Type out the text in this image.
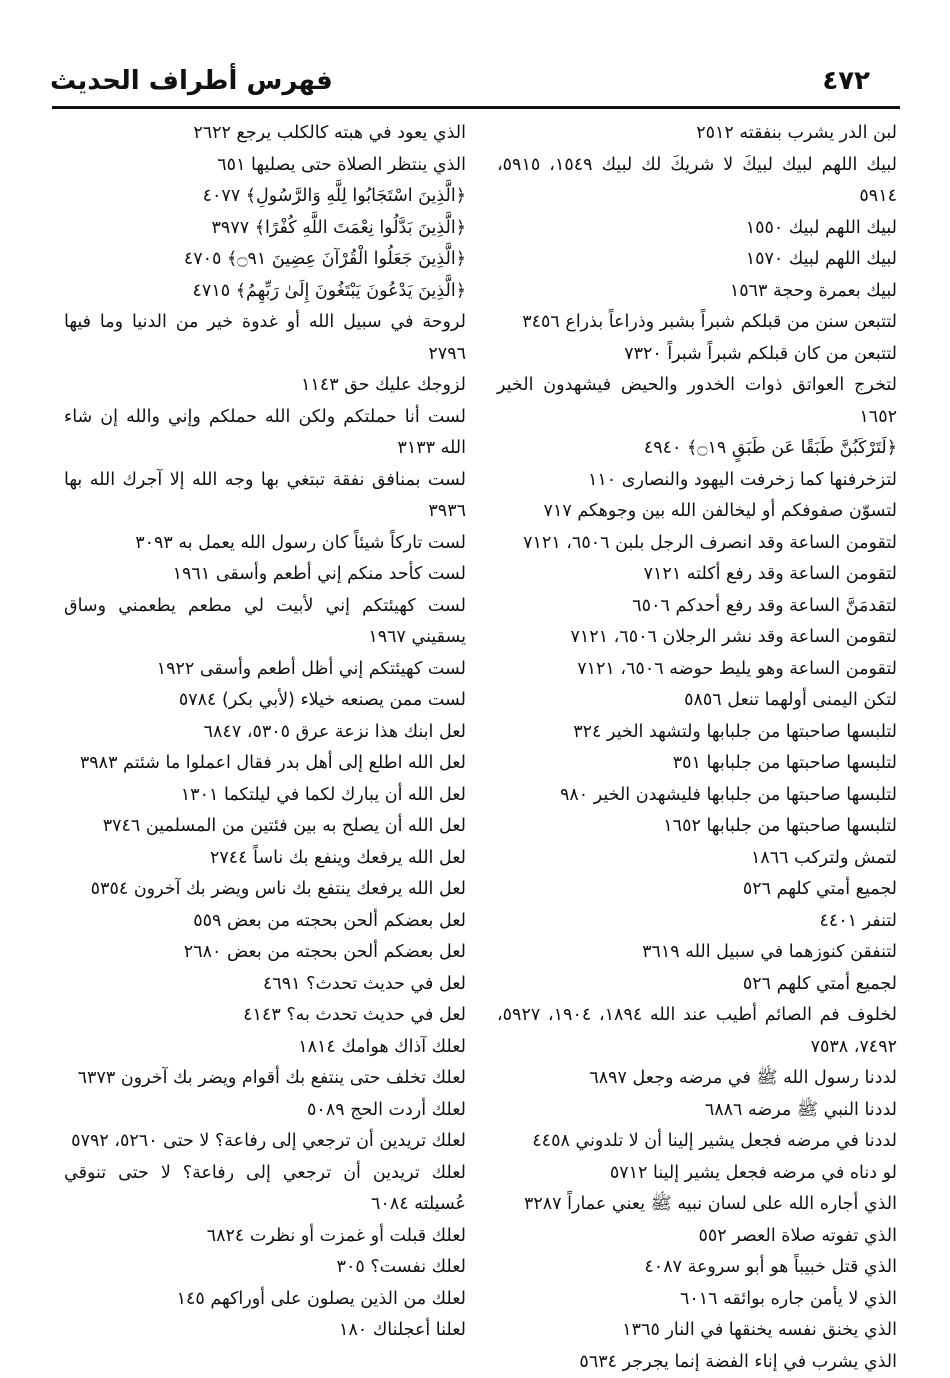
٤٧٢
فهرس أطراف الحديث
لبن الدر يشرب بنفقته ٢٥١٢
لبيك اللهم لبيك لبيكَ لا شريكَ لك لبيك ١٥٤٩، ٥٩١٥، ٥٩١٤
لبيك اللهم لبيك ١٥٥٠
لبيك اللهم لبيك ١٥٧٠
لبيك بعمرة وحجة ١٥٦٣
لتتبعن سنن من قبلكم شبراً بشبر وذراعاً بذراع ٣٤٥٦
لتتبعن من كان قبلكم شبراً شبراً ٧٣٢٠
لتخرج العواتق ذوات الخدور والحيض فيشهدون الخير ١٦٥٢
﴿لَتَرْكَبُنَّ طَبَقًا عَن طَبَقٍ ۝١٩﴾ ٤٩٤٠
لتزخرفنها كما زخرفت اليهود والنصارى ١١٠
لتسوّن صفوفكم أو ليخالفن الله بين وجوهكم ٧١٧
لتقومن الساعة وقد انصرف الرجل بلبن ٦٥٠٦، ٧١٢١
لتقومن الساعة وقد رفع أكلته ٧١٢١
لتقدمَنَّ الساعة وقد رفع أحدكم ٦٥٠٦
لتقومن الساعة وقد نشر الرجلان ٦٥٠٦، ٧١٢١
لتقومن الساعة وهو يليط حوضه ٦٥٠٦، ٧١٢١
لتكن اليمنى أولهما تنعل ٥٨٥٦
لتلبسها صاحبتها من جلبابها ولتشهد الخير ٣٢٤
لتلبسها صاحبتها من جلبابها ٣٥١
لتلبسها صاحبتها من جلبابها فليشهدن الخير ٩٨٠
لتلبسها صاحبتها من جلبابها ١٦٥٢
لتمش ولتركب ١٨٦٦
لجميع أمتي كلهم ٥٢٦
لتنفر ٤٤٠١
لتنفقن كنوزهما في سبيل الله ٣٦١٩
لجميع أمتي كلهم ٥٢٦
لخلوف فم الصائم أطيب عند الله ١٨٩٤، ١٩٠٤، ٥٩٢٧، ٧٤٩٢، ٧٥٣٨
لددنا رسول الله ﷺ في مرضه وجعل ٦٨٩٧
لددنا النبي ﷺ مرضه ٦٨٨٦
لددنا في مرضه فجعل يشير إلينا أن لا تلدوني ٤٤٥٨
لو دناه في مرضه فجعل يشير إلينا ٥٧١٢
الذي أجاره الله على لسان نبيه ﷺ يعني عماراً ٣٢٨٧
الذي تفوته صلاة العصر ٥٥٢
الذي قتل خبيباً هو أبو سروعة ٤٠٨٧
الذي لا يأمن جاره بوائقه ٦٠١٦
الذي يخنق نفسه يخنقها في النار ١٣٦٥
الذي يشرب في إناء الفضة إنما يجرجر ٥٦٣٤
الذي يعود في هبته كالكلب يرجع ٢٦٢٢
الذي ينتظر الصلاة حتى يصليها ٦٥١
﴿الَّذِينَ اسْتَجَابُوا لِلَّهِ وَالرَّسُولِ﴾ ٤٠٧٧
﴿الَّذِينَ بَدَّلُوا نِعْمَتَ اللَّهِ كُفْرًا﴾ ٣٩٧٧
﴿الَّذِينَ جَعَلُوا الْقُرْآنَ عِضِينَ ۝٩١﴾ ٤٧٠٥
﴿الَّذِينَ يَدْعُونَ يَبْتَغُونَ إِلَىٰ رَبِّهِمُ﴾ ٤٧١٥
لروحة في سبيل الله أو غدوة خير من الدنيا وما فيها ٢٧٩٦
لزوجك عليك حق ١١٤٣
لست أنا حملتكم ولكن الله حملكم وإني والله إن شاء الله ٣١٣٣
لست بمنافق نفقة تبتغي بها وجه الله إلا آجرك الله بها ٣٩٣٦
لست تاركاً شيئاً كان رسول الله يعمل به ٣٠٩٣
لست كأحد منكم إني أطعم وأسقى ١٩٦١
لست كهيئتكم إني لأبيت لي مطعم يطعمني وساق يسقيني ١٩٦٧
لست كهيئتكم إني أظل أطعم وأسقى ١٩٢٢
لست ممن يصنعه خيلاء (لأبي بكر) ٥٧٨٤
لعل ابنك هذا نزعة عرق ٥٣٠٥، ٦٨٤٧
لعل الله اطلع إلى أهل بدر فقال اعملوا ما شئتم ٣٩٨٣
لعل الله أن يبارك لكما في ليلتكما ١٣٠١
لعل الله أن يصلح به بين فئتين من المسلمين ٣٧٤٦
لعل الله يرفعك وينفع بك ناساً ٢٧٤٤
لعل الله يرفعك ينتفع بك ناس ويضر بك آخرون ٥٣٥٤
لعل بعضكم ألحن بحجته من بعض ٥٥٩
لعل بعضكم ألحن بحجته من بعض ٢٦٨٠
لعل في حديث تحدث؟ ٤٦٩١
لعل في حديث تحدث به؟ ٤١٤٣
لعلك آذاك هوامك ١٨١٤
لعلك تخلف حتى ينتفع بك أقوام ويضر بك آخرون ٦٣٧٣
لعلك أردت الحج ٥٠٨٩
لعلك تريدين أن ترجعي إلى رفاعة؟ لا حتى ٥٢٦٠، ٥٧٩٢
لعلك تريدين أن ترجعي إلى رفاعة؟ لا حتى تنوقي عُسيلته ٦٠٨٤
لعلك قبلت أو غمزت أو نظرت ٦٨٢٤
لعلك نفست؟ ٣٠٥
لعلك من الذين يصلون على أوراكهم ١٤٥
لعلنا أعجلناك ١٨٠
